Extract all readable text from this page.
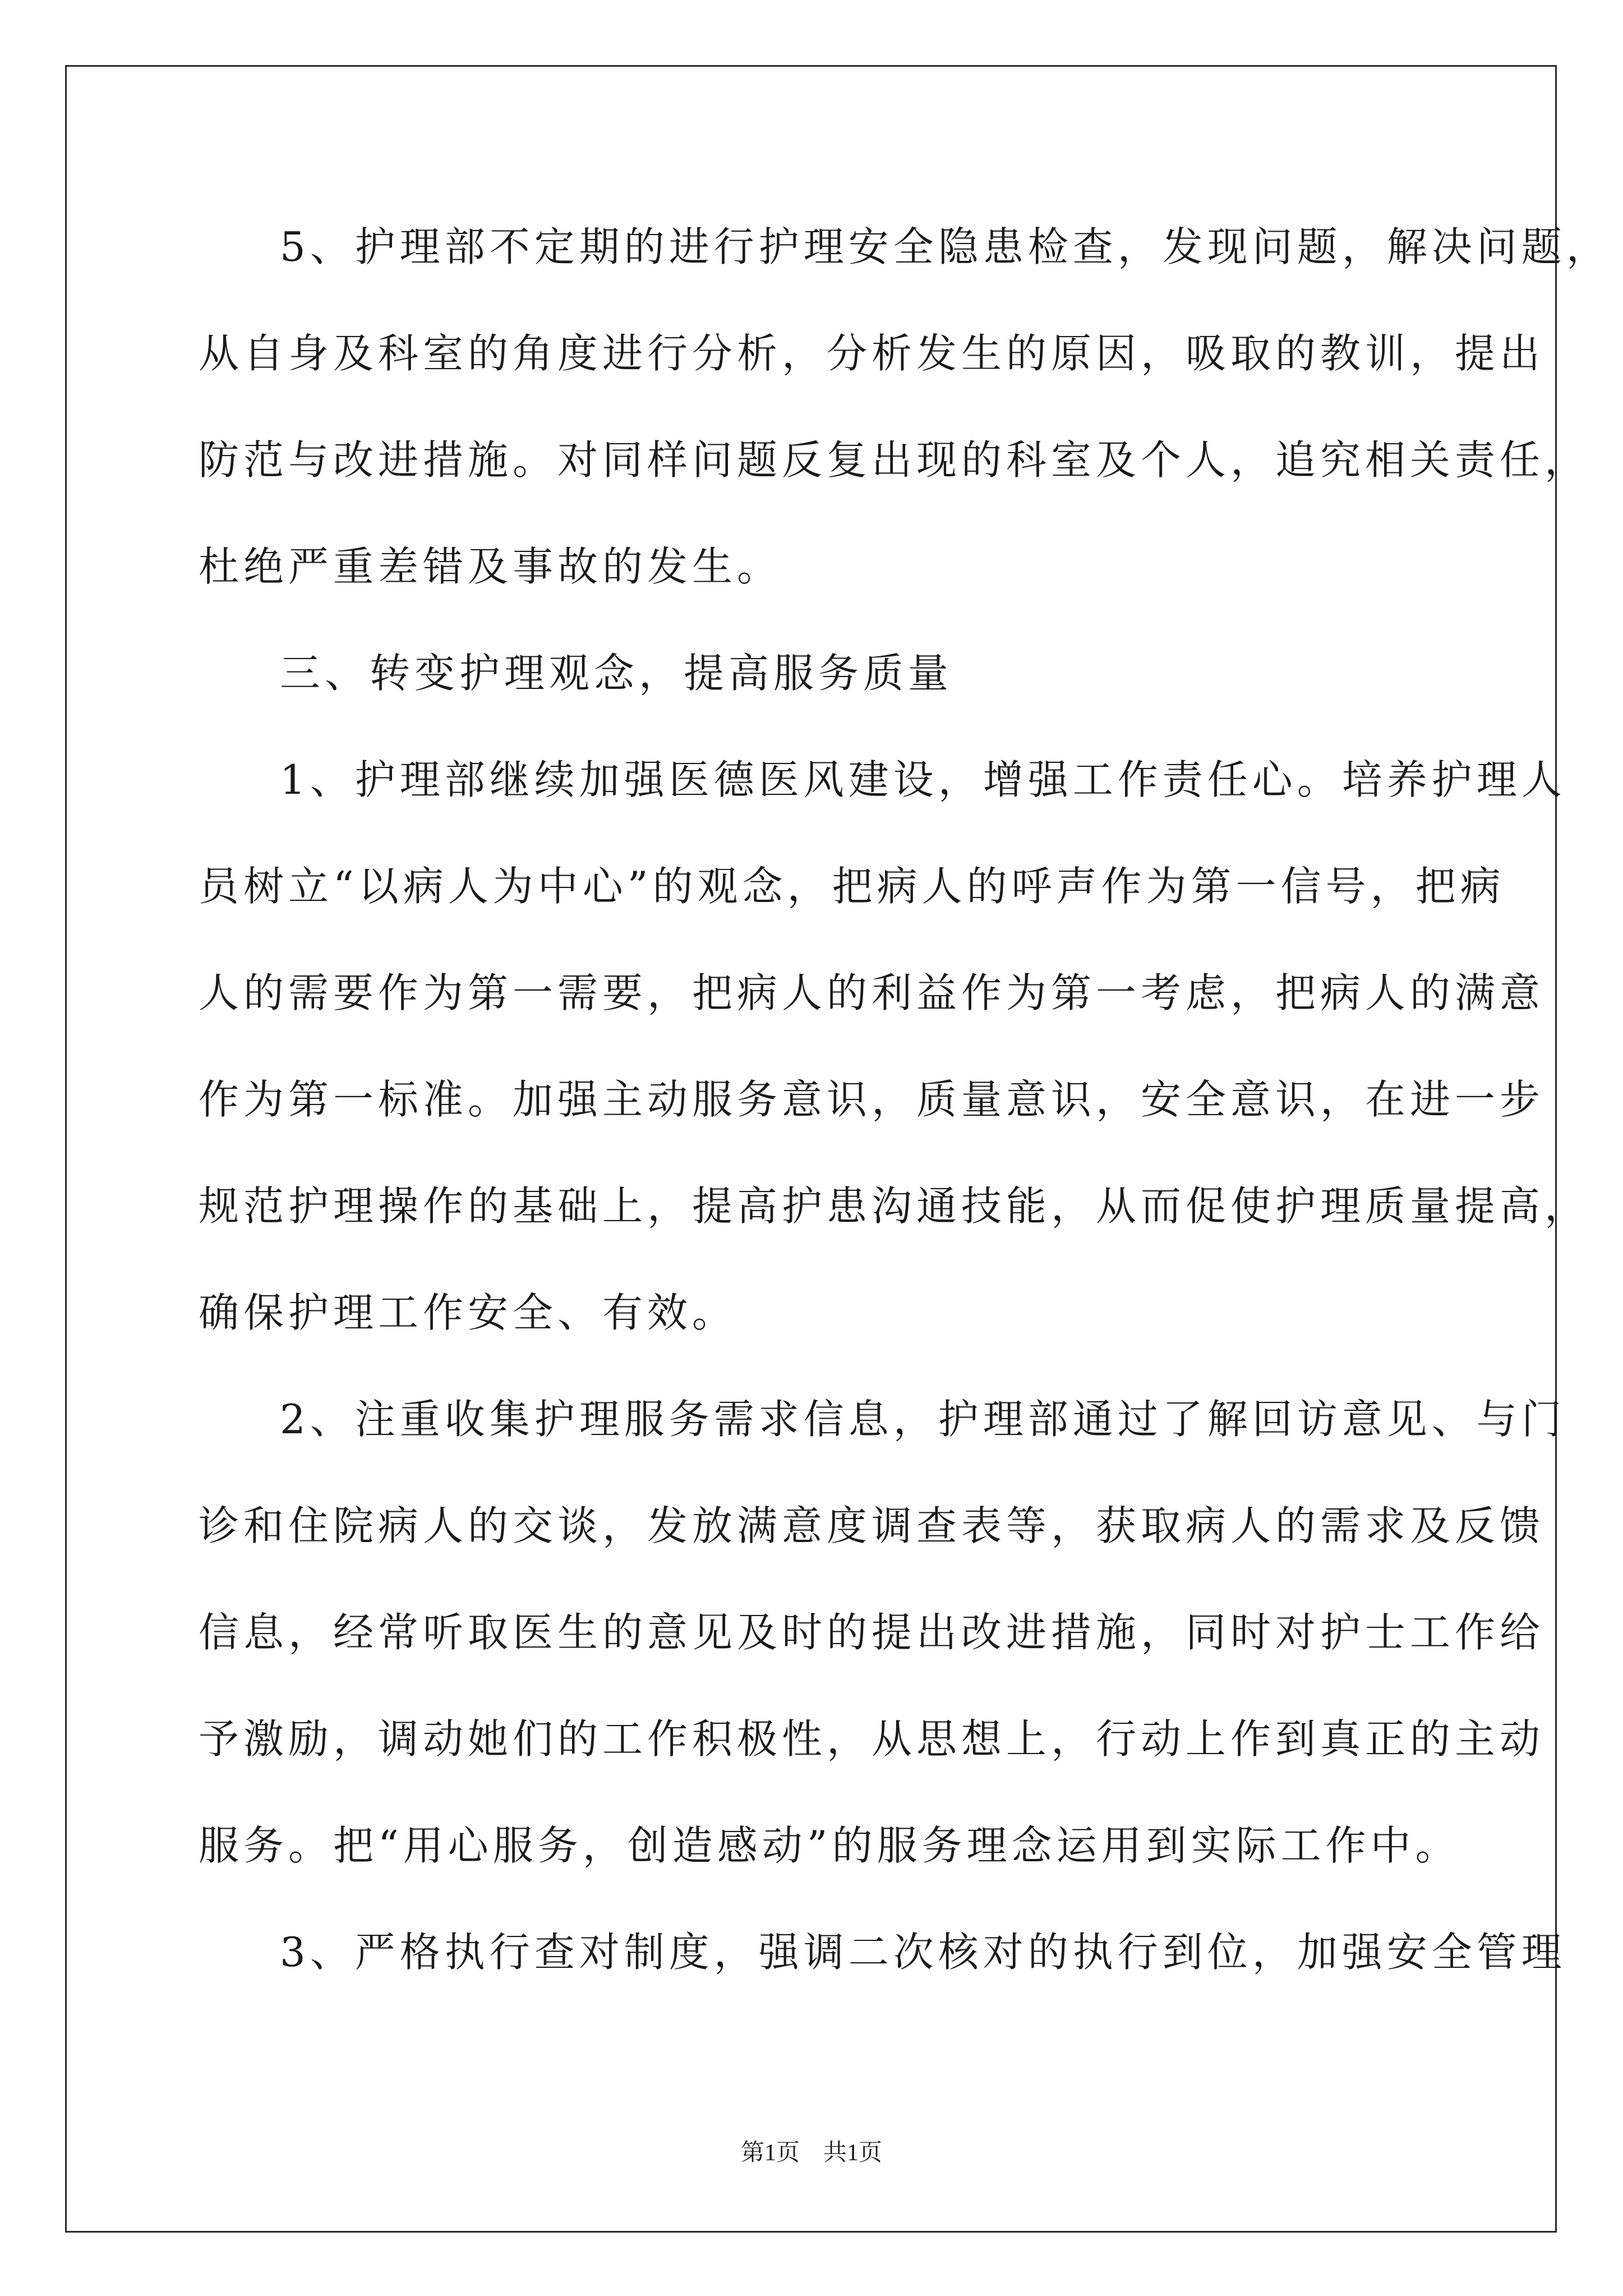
5、护理部不定期的进行护理安全隐患检查，发现问题，解决问题，
从自身及科室的角度进行分析，分析发生的原因，吸取的教训，提出
防范与改进措施。对同样问题反复出现的科室及个人，追究相关责任，
杜绝严重差错及事故的发生。
三、转变护理观念，提高服务质量
1、护理部继续加强医德医风建设，增强工作责任心。培养护理人
员树立“以病人为中心”的观念，把病人的呼声作为第一信号，把病
人的需要作为第一需要，把病人的利益作为第一考虑，把病人的满意
作为第一标准。加强主动服务意识，质量意识，安全意识，在进一步
规范护理操作的基础上，提高护患沟通技能，从而促使护理质量提高，
确保护理工作安全、有效。
2、注重收集护理服务需求信息，护理部通过了解回访意见、与门
诊和住院病人的交谈，发放满意度调查表等，获取病人的需求及反馈
信息，经常听取医生的意见及时的提出改进措施，同时对护士工作给
予激励，调动她们的工作积极性，从思想上，行动上作到真正的主动
服务。把“用心服务，创造感动”的服务理念运用到实际工作中。
3、严格执行查对制度，强调二次核对的执行到位，加强安全管理
第1页　共1页
